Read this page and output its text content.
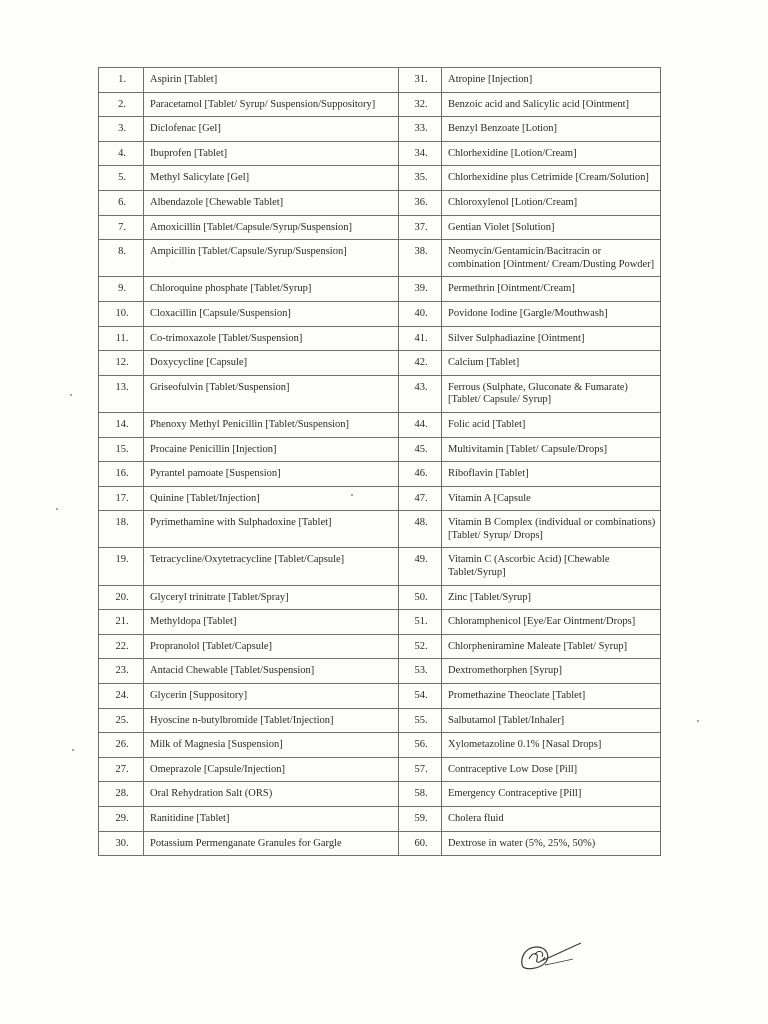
1.	Aspirin [Tablet]	31.	Atropine [Injection]
2.	Paracetamol [Tablet/ Syrup/ Suspension/Suppository]	32.	Benzoic acid and Salicylic acid [Ointment]
3.	Diclofenac [Gel]	33.	Benzyl Benzoate [Lotion]
4.	Ibuprofen [Tablet]	34.	Chlorhexidine [Lotion/Cream]
5.	Methyl Salicylate [Gel]	35.	Chlorhexidine plus Cetrimide [Cream/Solution]
6.	Albendazole [Chewable Tablet]	36.	Chloroxylenol [Lotion/Cream]
7.	Amoxicillin [Tablet/Capsule/Syrup/Suspension]	37.	Gentian Violet [Solution]
8.	Ampicillin [Tablet/Capsule/Syrup/Suspension]	38.	Neomycin/Gentamicin/Bacitracin or combination [Ointment/ Cream/Dusting Powder]
9.	Chloroquine phosphate [Tablet/Syrup]	39.	Permethrin [Ointment/Cream]
10.	Cloxacillin [Capsule/Suspension]	40.	Povidone Iodine [Gargle/Mouthwash]
11.	Co-trimoxazole [Tablet/Suspension]	41.	Silver Sulphadiazine [Ointment]
12.	Doxycycline [Capsule]	42.	Calcium [Tablet]
13.	Griseofulvin [Tablet/Suspension]	43.	Ferrous (Sulphate, Gluconate & Fumarate) [Tablet/ Capsule/ Syrup]
14.	Phenoxy Methyl Penicillin [Tablet/Suspension]	44.	Folic acid [Tablet]
15.	Procaine Penicillin [Injection]	45.	Multivitamin [Tablet/ Capsule/Drops]
16.	Pyrantel pamoate [Suspension]	46.	Riboflavin [Tablet]
17.	Quinine [Tablet/Injection]	47.	Vitamin A [Capsule
18.	Pyrimethamine with Sulphadoxine [Tablet]	48.	Vitamin B Complex (individual or combinations) [Tablet/ Syrup/ Drops]
19.	Tetracycline/Oxytetracycline [Tablet/Capsule]	49.	Vitamin C (Ascorbic Acid) [Chewable Tablet/Syrup]
20.	Glyceryl trinitrate [Tablet/Spray]	50.	Zinc [Tablet/Syrup]
21.	Methyldopa [Tablet]	51.	Chloramphenicol [Eye/Ear Ointment/Drops]
22.	Propranolol [Tablet/Capsule]	52.	Chlorpheniramine Maleate [Tablet/ Syrup]
23.	Antacid Chewable [Tablet/Suspension]	53.	Dextromethorphen [Syrup]
24.	Glycerin [Suppository]	54.	Promethazine Theoclate [Tablet]
25.	Hyoscine n-butylbromide [Tablet/Injection]	55.	Salbutamol [Tablet/Inhaler]
26.	Milk of Magnesia [Suspension]	56.	Xylometazoline 0.1% [Nasal Drops]
27.	Omeprazole [Capsule/Injection]	57.	Contraceptive Low Dose [Pill]
28.	Oral Rehydration Salt (ORS)	58.	Emergency Contraceptive [Pill]
29.	Ranitidine [Tablet]	59.	Cholera fluid
30.	Potassium Permenganate Granules for Gargle	60.	Dextrose in water (5%, 25%, 50%)
